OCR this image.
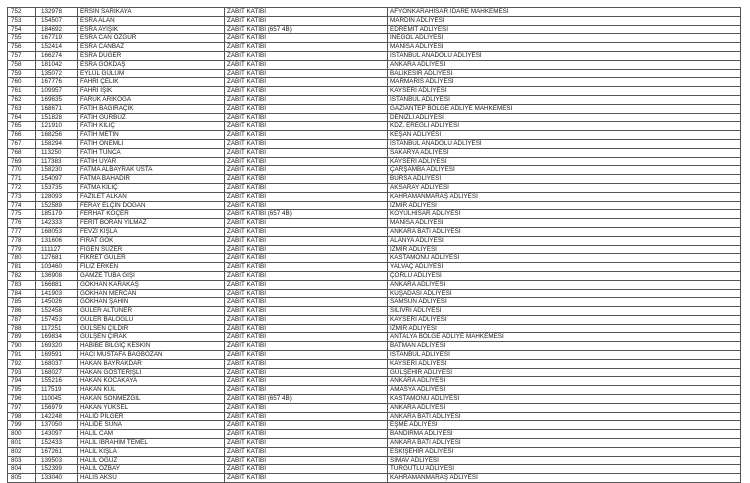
752	132978	ERSİN SARIKAYA	ZABIT KATİBİ	AFYONKARAHİSAR İDARE MAHKEMESİ
753	154507	ESRA ALAN	ZABIT KATİBİ	MARDİN ADLİYESİ
754	184692	ESRA AYIŞIK	ZABIT KATİBİ (657 4B)	EDREMİT ADLİYESİ
755	167719	ESRA CAN ÖZGÜR	ZABIT KATİBİ	İNEGÖL ADLİYESİ
756	152414	ESRA CANBAZ	ZABIT KATİBİ	MANİSA ADLİYESİ
757	166274	ESRA DÜĞER	ZABIT KATİBİ	İSTANBUL ANADOLU ADLİYESİ
758	181042	ESRA GÖKDAŞ	ZABIT KATİBİ	ANKARA ADLİYESİ
759	135072	EYLÜL GÜLÜM	ZABIT KATİBİ	BALIKESİR ADLİYESİ
760	167776	FAHRİ ÇELİK	ZABIT KATİBİ	MARMARİS ADLİYESİ
761	109957	FAHRİ IŞIK	ZABIT KATİBİ	KAYSERİ ADLİYESİ
762	169635	FARUK ARIKOĞA	ZABIT KATİBİ	İSTANBUL ADLİYESİ
763	168671	FATİH BAĞIRAÇIK	ZABIT KATİBİ	GAZİANTEP BÖLGE ADLİYE MAHKEMESİ
764	151828	FATİH GÜRBÜZ	ZABIT KATİBİ	DENİZLİ ADLİYESİ
765	121910	FATİH KILIÇ	ZABIT KATİBİ	KDZ. EREĞLİ ADLİYESİ
766	168256	FATİH METİN	ZABIT KATİBİ	KEŞAN ADLİYESİ
767	158294	FATİH ÖNEMLİ	ZABIT KATİBİ	İSTANBUL ANADOLU ADLİYESİ
768	113250	FATİH TUNCA	ZABIT KATİBİ	SAKARYA ADLİYESİ
769	117383	FATİH UYAR	ZABIT KATİBİ	KAYSERİ ADLİYESİ
770	158230	FATMA ALBAYRAK USTA	ZABIT KATİBİ	ÇARŞAMBA ADLİYESİ
771	154097	FATMA BAHADIR	ZABIT KATİBİ	BURSA ADLİYESİ
772	153735	FATMA KILIÇ	ZABIT KATİBİ	AKSARAY ADLİYESİ
773	128093	FAZİLET ALKAN	ZABIT KATİBİ	KAHRAMANMARAŞ ADLİYESİ
774	152589	FERAY ELÇİN DOĞAN	ZABIT KATİBİ	İZMİR ADLİYESİ
775	185179	FERHAT KOÇER	ZABIT KATİBİ (657 4B)	KOYULHİSAR ADLİYESİ
776	142333	FERİT BORAN YILMAZ	ZABIT KATİBİ	MANİSA ADLİYESİ
777	168053	FEVZİ KIŞLA	ZABIT KATİBİ	ANKARA BATI ADLİYESİ
778	131606	FIRAT GÖK	ZABIT KATİBİ	ALANYA ADLİYESİ
779	111127	FİGEN SÜZER	ZABIT KATİBİ	İZMİR ADLİYESİ
780	127681	FİKRET GÜLER	ZABIT KATİBİ	KASTAMONU ADLİYESİ
781	103460	FİLİZ ERKEN	ZABIT KATİBİ	YALVAÇ ADLİYESİ
782	136908	GAMZE TUBA GİŞİ	ZABIT KATİBİ	ÇORLU ADLİYESİ
783	166881	GÖKHAN KARAKAŞ	ZABIT KATİBİ	ANKARA ADLİYESİ
784	141903	GÖKHAN MERCAN	ZABIT KATİBİ	KUŞADASI ADLİYESİ
785	145026	GÖKHAN ŞAHİN	ZABIT KATİBİ	SAMSUN ADLİYESİ
786	152458	GÜLER ALTUNER	ZABIT KATİBİ	SİLİVRİ ADLİYESİ
787	157453	GÜLER BALOĞLU	ZABIT KATİBİ	KAYSERİ ADLİYESİ
788	117251	GÜLSEN ÇILDIR	ZABIT KATİBİ	İZMİR ADLİYESİ
789	169834	GÜLŞEN ÇIRAK	ZABIT KATİBİ	ANTALYA BÖLGE ADLİYE MAHKEMESİ
790	169320	HABİBE BİLGİÇ KESKİN	ZABIT KATİBİ	BATMAN ADLİYESİ
791	169591	HACI MUSTAFA BAĞBOZAN	ZABIT KATİBİ	İSTANBUL ADLİYESİ
792	168037	HAKAN BAYRAKDAR	ZABIT KATİBİ	KAYSERİ ADLİYESİ
793	168027	HAKAN GÖSTERİŞLİ	ZABIT KATİBİ	GÜLŞEHİR ADLİYESİ
794	155216	HAKAN KOCAKAYA	ZABIT KATİBİ	ANKARA ADLİYESİ
795	117519	HAKAN KUL	ZABIT KATİBİ	AMASYA ADLİYESİ
796	110045	HAKAN SÖNMEZGİL	ZABIT KATİBİ (657 4B)	KASTAMONU ADLİYESİ
797	156979	HAKAN YÜKSEL	ZABIT KATİBİ	ANKARA ADLİYESİ
798	142248	HALİD PİLGER	ZABIT KATİBİ	ANKARA BATI ADLİYESİ
799	137050	HALİDE SUNA	ZABIT KATİBİ	EŞME ADLİYESİ
800	143097	HALİL CAM	ZABIT KATİBİ	BANDIRMA ADLİYESİ
801	152433	HALİL İBRAHİM TEMEL	ZABIT KATİBİ	ANKARA BATI ADLİYESİ
802	167261	HALİL KIŞLA	ZABIT KATİBİ	ESKİŞEHİR ADLİYESİ
803	139503	HALİL OĞUZ	ZABIT KATİBİ	SİMAV ADLİYESİ
804	152399	HALİL ÖZBAY	ZABIT KATİBİ	TURGUTLU ADLİYESİ
805	133040	HALİS AKSU	ZABIT KATİBİ	KAHRAMANMARAŞ ADLİYESİ
